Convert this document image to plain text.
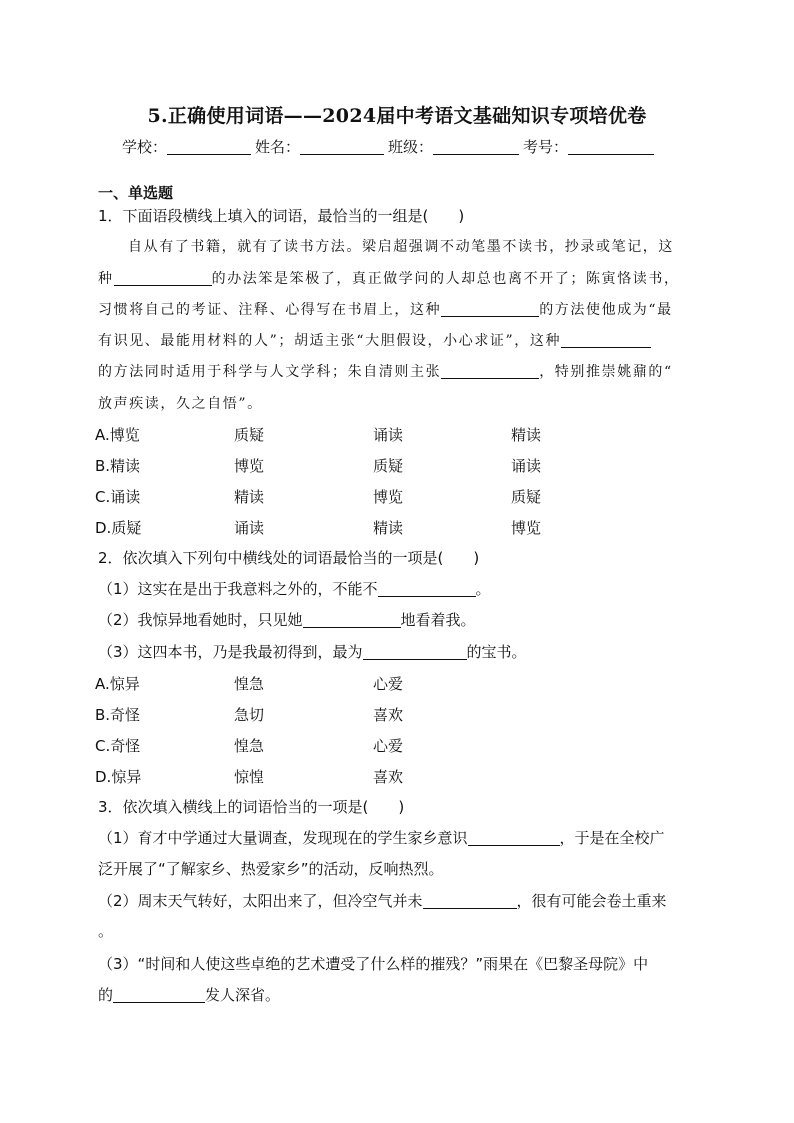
5.正确使用词语——2024届中考语文基础知识专项培优卷
学校：	姓名：	班级：	考号：
一、单选题
1．下面语段横线上填入的词语，最恰当的一组是(　　)
自从有了书籍，就有了读书方法。梁启超强调不动笔墨不读书，抄录或笔记，这
种	的办法笨是笨极了，真正做学问的人却总也离不开了；陈寅恪读书，
习惯将自己的考证、注释、心得写在书眉上，这种	的方法使他成为“最
有识见、最能用材料的人”；胡适主张“大胆假设，小心求证”，这种
的方法同时适用于科学与人文学科；朱自清则主张	，特别推崇姚鼐的“
放声疾读，久之自悟”。
A.博览	质疑	诵读	精读
B.精读	博览	质疑	诵读
C.诵读	精读	博览	质疑
D.质疑	诵读	精读	博览
2．依次填入下列句中横线处的词语最恰当的一项是(　　)
（1）这实在是出于我意料之外的，不能不	。
（2）我惊异地看她时，只见她	地看着我。
（3）这四本书，乃是我最初得到，最为	的宝书。
A.惊异	惶急	心爱
B.奇怪	急切	喜欢
C.奇怪	惶急	心爱
D.惊异	惊惶	喜欢
3．依次填入横线上的词语恰当的一项是(　　)
（1）育才中学通过大量调查，发现现在的学生家乡意识	，于是在全校广
泛开展了“了解家乡、热爱家乡”的活动，反响热烈。
（2）周末天气转好，太阳出来了，但冷空气并未	，很有可能会卷土重来
。
（3）“时间和人使这些卓绝的艺术遭受了什么样的摧残？”雨果在《巴黎圣母院》中
的	发人深省。
